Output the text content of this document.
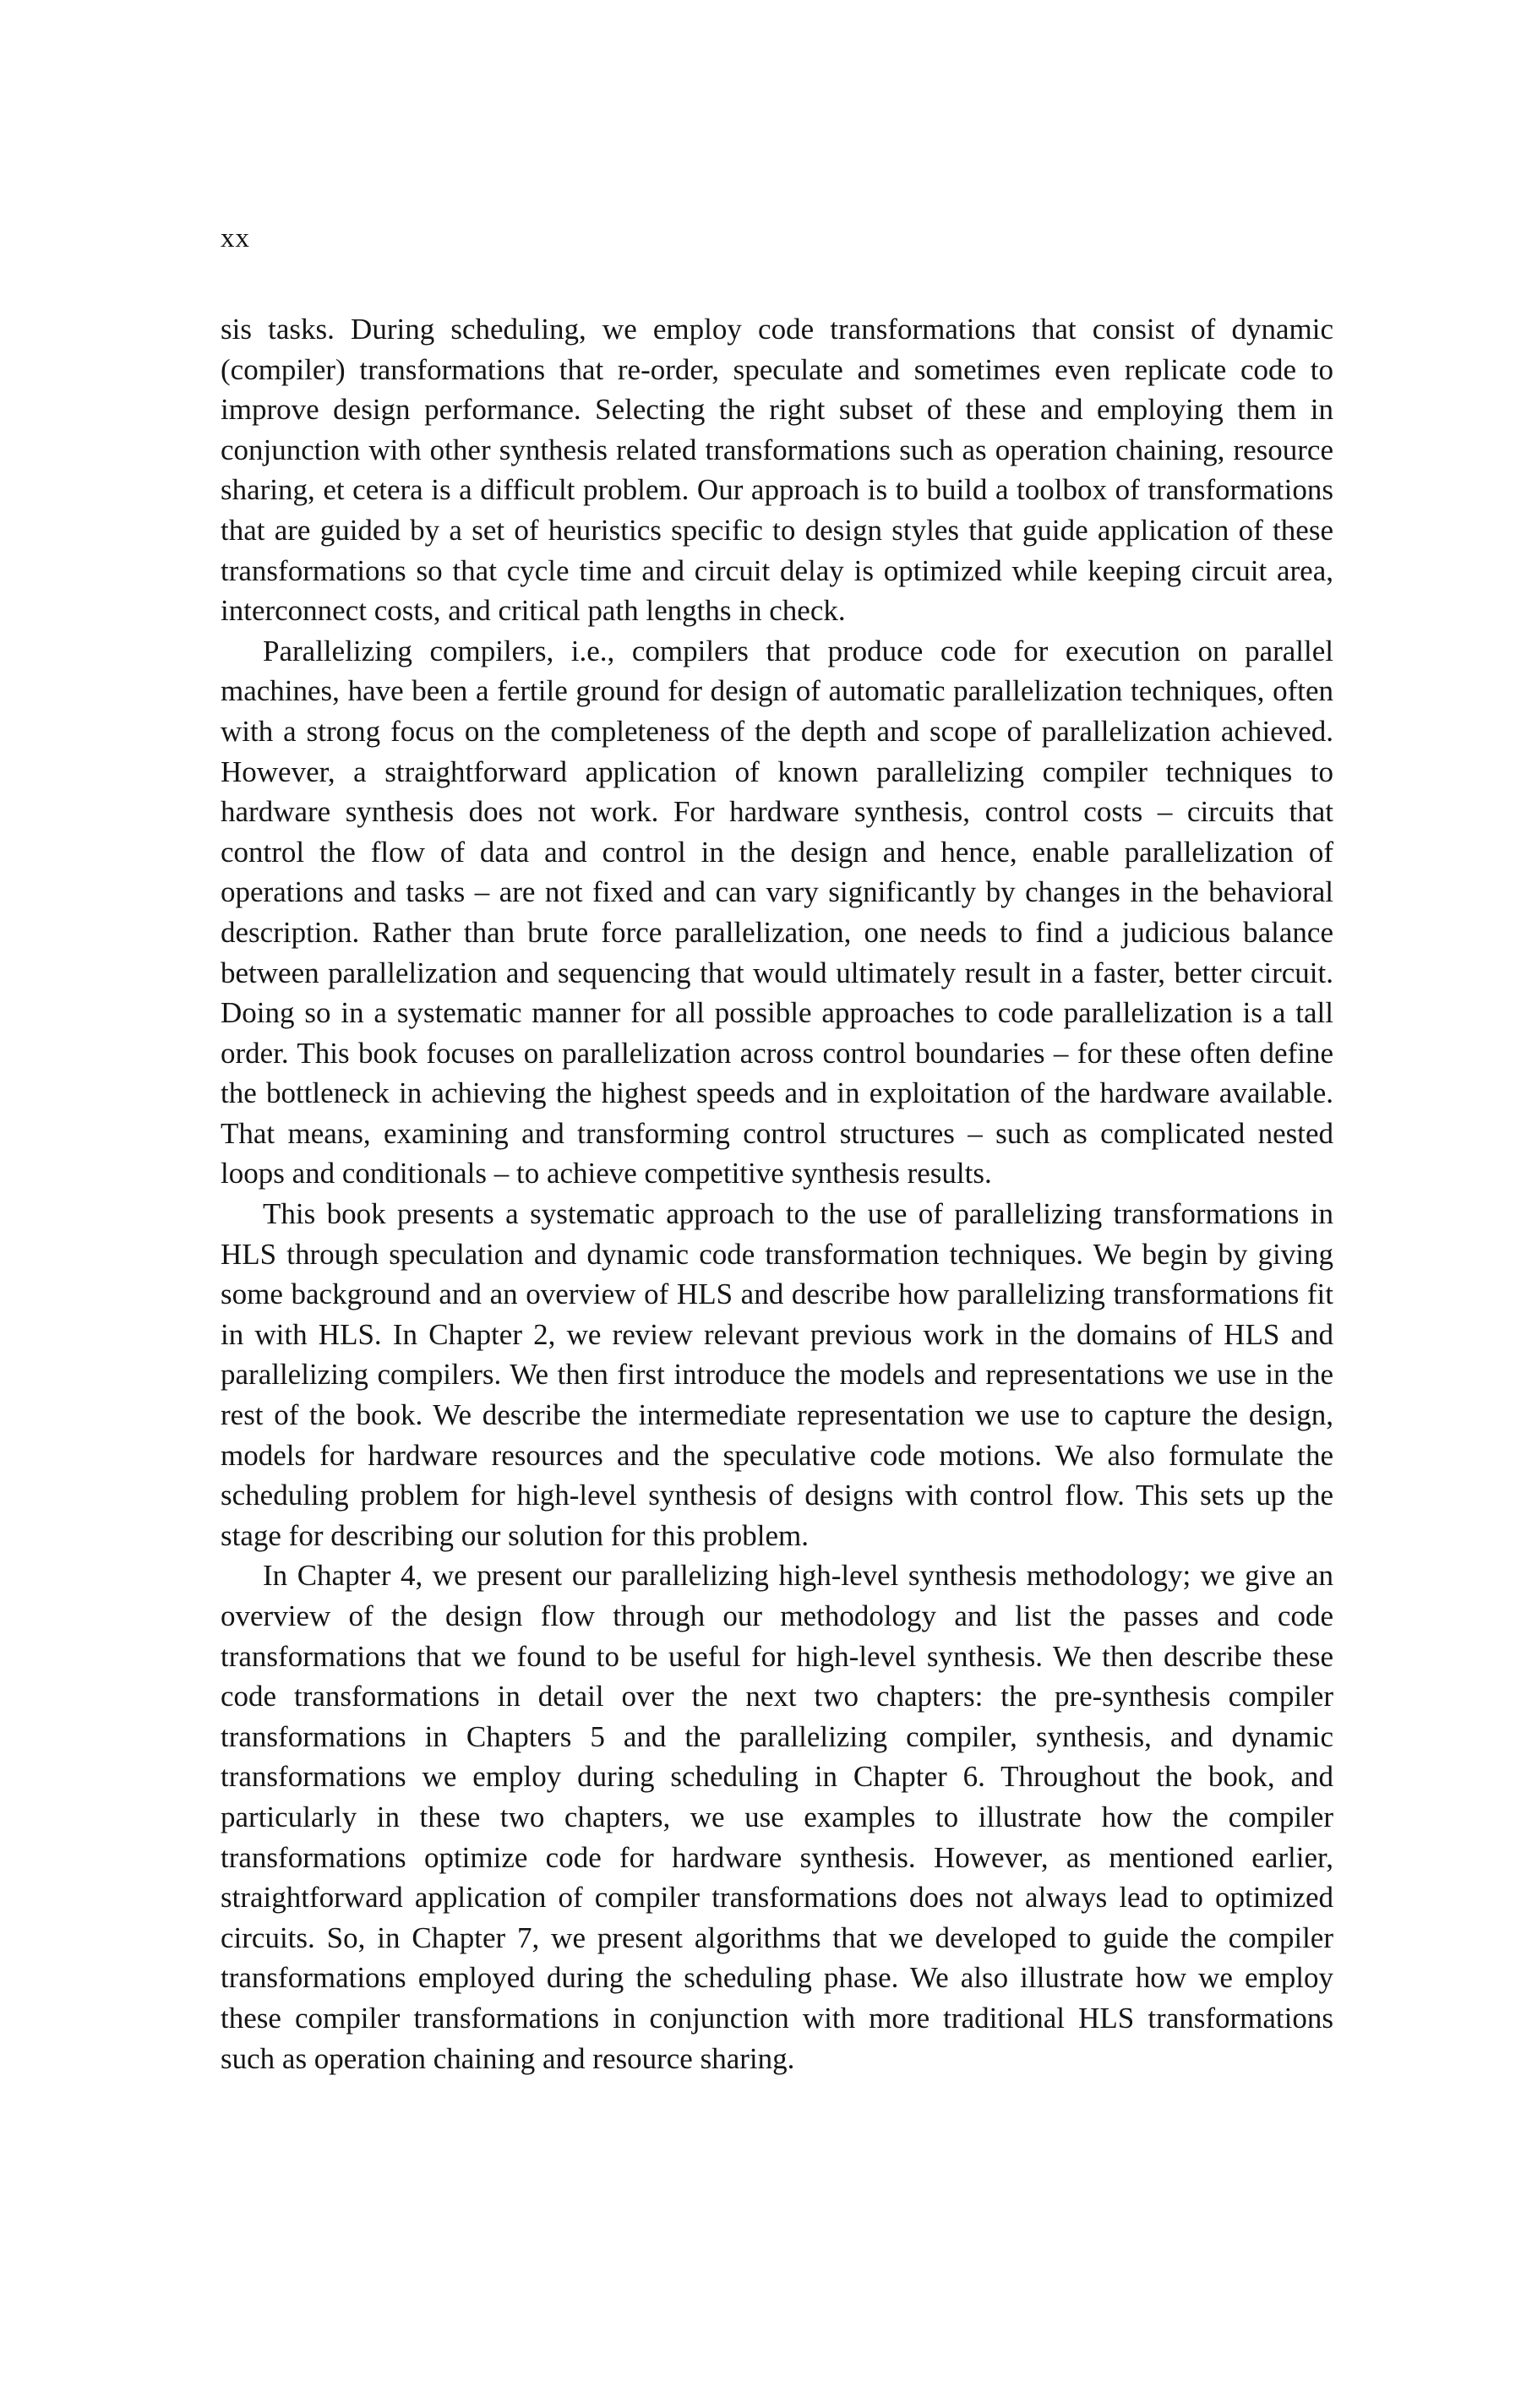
xx

sis tasks. During scheduling, we employ code transformations that consist of dynamic (compiler) transformations that re-order, speculate and sometimes even replicate code to improve design performance. Selecting the right subset of these and employing them in conjunction with other synthesis related transformations such as operation chaining, resource sharing, et cetera is a difficult problem. Our approach is to build a toolbox of transformations that are guided by a set of heuristics specific to design styles that guide application of these transformations so that cycle time and circuit delay is optimized while keeping circuit area, interconnect costs, and critical path lengths in check.

Parallelizing compilers, i.e., compilers that produce code for execution on parallel machines, have been a fertile ground for design of automatic parallelization techniques, often with a strong focus on the completeness of the depth and scope of parallelization achieved. However, a straightforward application of known parallelizing compiler techniques to hardware synthesis does not work. For hardware synthesis, control costs – circuits that control the flow of data and control in the design and hence, enable parallelization of operations and tasks – are not fixed and can vary significantly by changes in the behavioral description. Rather than brute force parallelization, one needs to find a judicious balance between parallelization and sequencing that would ultimately result in a faster, better circuit. Doing so in a systematic manner for all possible approaches to code parallelization is a tall order. This book focuses on parallelization across control boundaries – for these often define the bottleneck in achieving the highest speeds and in exploitation of the hardware available. That means, examining and transforming control structures – such as complicated nested loops and conditionals – to achieve competitive synthesis results.

This book presents a systematic approach to the use of parallelizing transformations in HLS through speculation and dynamic code transformation techniques. We begin by giving some background and an overview of HLS and describe how parallelizing transformations fit in with HLS. In Chapter 2, we review relevant previous work in the domains of HLS and parallelizing compilers. We then first introduce the models and representations we use in the rest of the book. We describe the intermediate representation we use to capture the design, models for hardware resources and the speculative code motions. We also formulate the scheduling problem for high-level synthesis of designs with control flow. This sets up the stage for describing our solution for this problem.

In Chapter 4, we present our parallelizing high-level synthesis methodology; we give an overview of the design flow through our methodology and list the passes and code transformations that we found to be useful for high-level synthesis. We then describe these code transformations in detail over the next two chapters: the pre-synthesis compiler transformations in Chapters 5 and the parallelizing compiler, synthesis, and dynamic transformations we employ during scheduling in Chapter 6. Throughout the book, and particularly in these two chapters, we use examples to illustrate how the compiler transformations optimize code for hardware synthesis. However, as mentioned earlier, straightforward application of compiler transformations does not always lead to optimized circuits. So, in Chapter 7, we present algorithms that we developed to guide the compiler transformations employed during the scheduling phase. We also illustrate how we employ these compiler transformations in conjunction with more traditional HLS transformations such as operation chaining and resource sharing.
